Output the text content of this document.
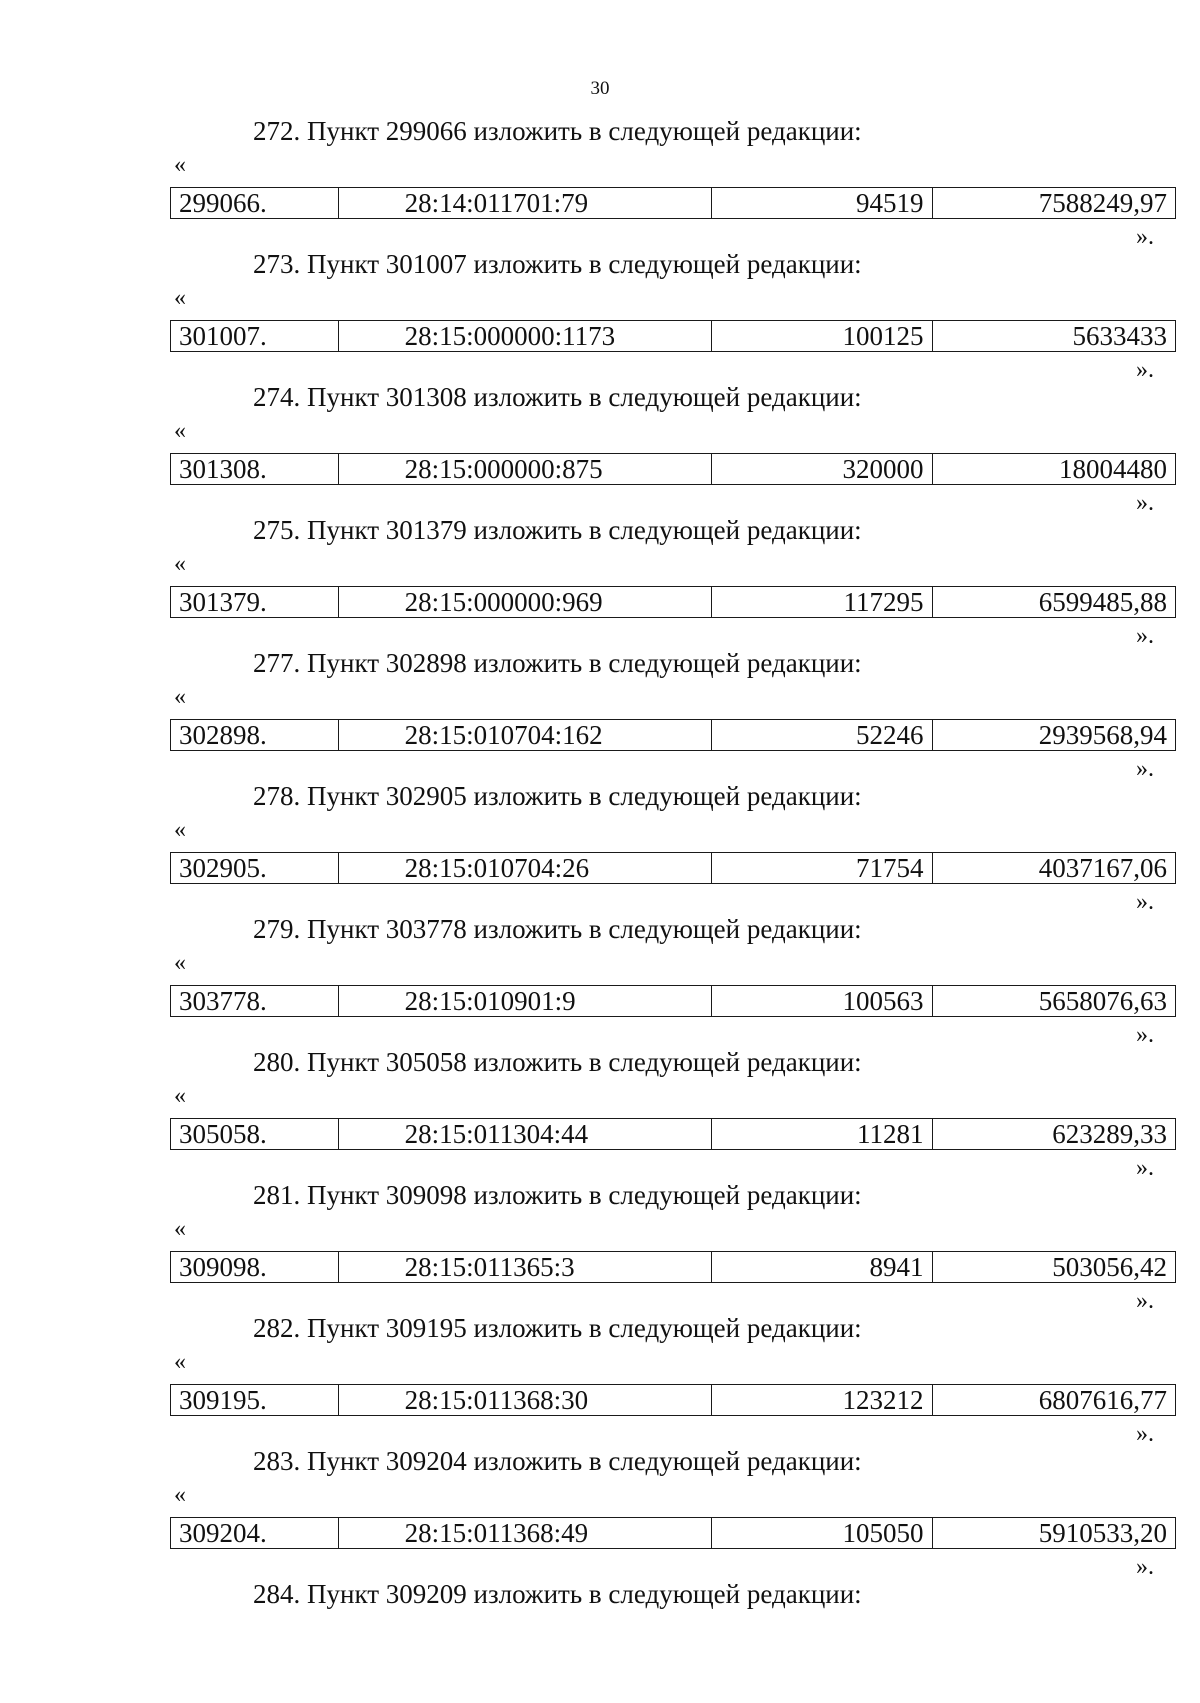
30
272. Пункт 299066 изложить в следующей редакции:
«
299066.	28:14:011701:79	94519	7588249,97
».
273. Пункт 301007 изложить в следующей редакции:
«
301007.	28:15:000000:1173	100125	5633433
».
274. Пункт 301308 изложить в следующей редакции:
«
301308.	28:15:000000:875	320000	18004480
».
275. Пункт 301379 изложить в следующей редакции:
«
301379.	28:15:000000:969	117295	6599485,88
».
277. Пункт 302898 изложить в следующей редакции:
«
302898.	28:15:010704:162	52246	2939568,94
».
278. Пункт 302905 изложить в следующей редакции:
«
302905.	28:15:010704:26	71754	4037167,06
».
279. Пункт 303778 изложить в следующей редакции:
«
303778.	28:15:010901:9	100563	5658076,63
».
280. Пункт 305058 изложить в следующей редакции:
«
305058.	28:15:011304:44	11281	623289,33
».
281. Пункт 309098 изложить в следующей редакции:
«
309098.	28:15:011365:3	8941	503056,42
».
282. Пункт 309195 изложить в следующей редакции:
«
309195.	28:15:011368:30	123212	6807616,77
».
283. Пункт 309204 изложить в следующей редакции:
«
309204.	28:15:011368:49	105050	5910533,20
».
284. Пункт 309209 изложить в следующей редакции:
